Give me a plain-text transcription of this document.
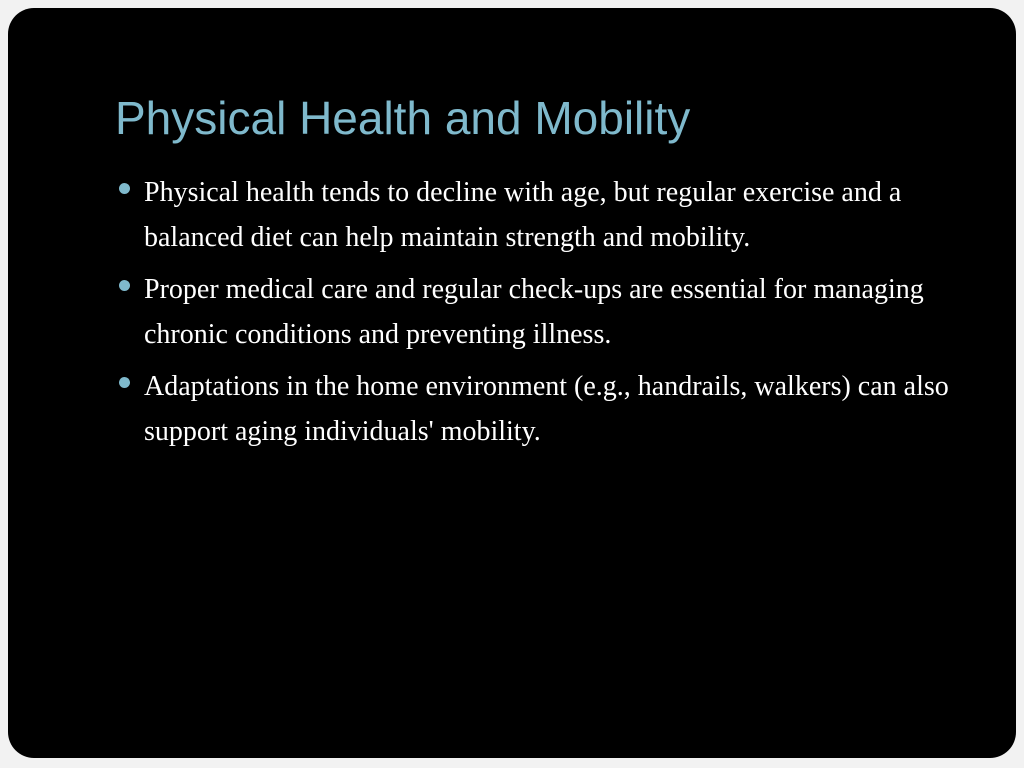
Physical Health and Mobility
Physical health tends to decline with age, but regular exercise and a balanced diet can help maintain strength and mobility.
Proper medical care and regular check-ups are essential for managing chronic conditions and preventing illness.
Adaptations in the home environment (e.g., handrails, walkers) can also support aging individuals' mobility.
